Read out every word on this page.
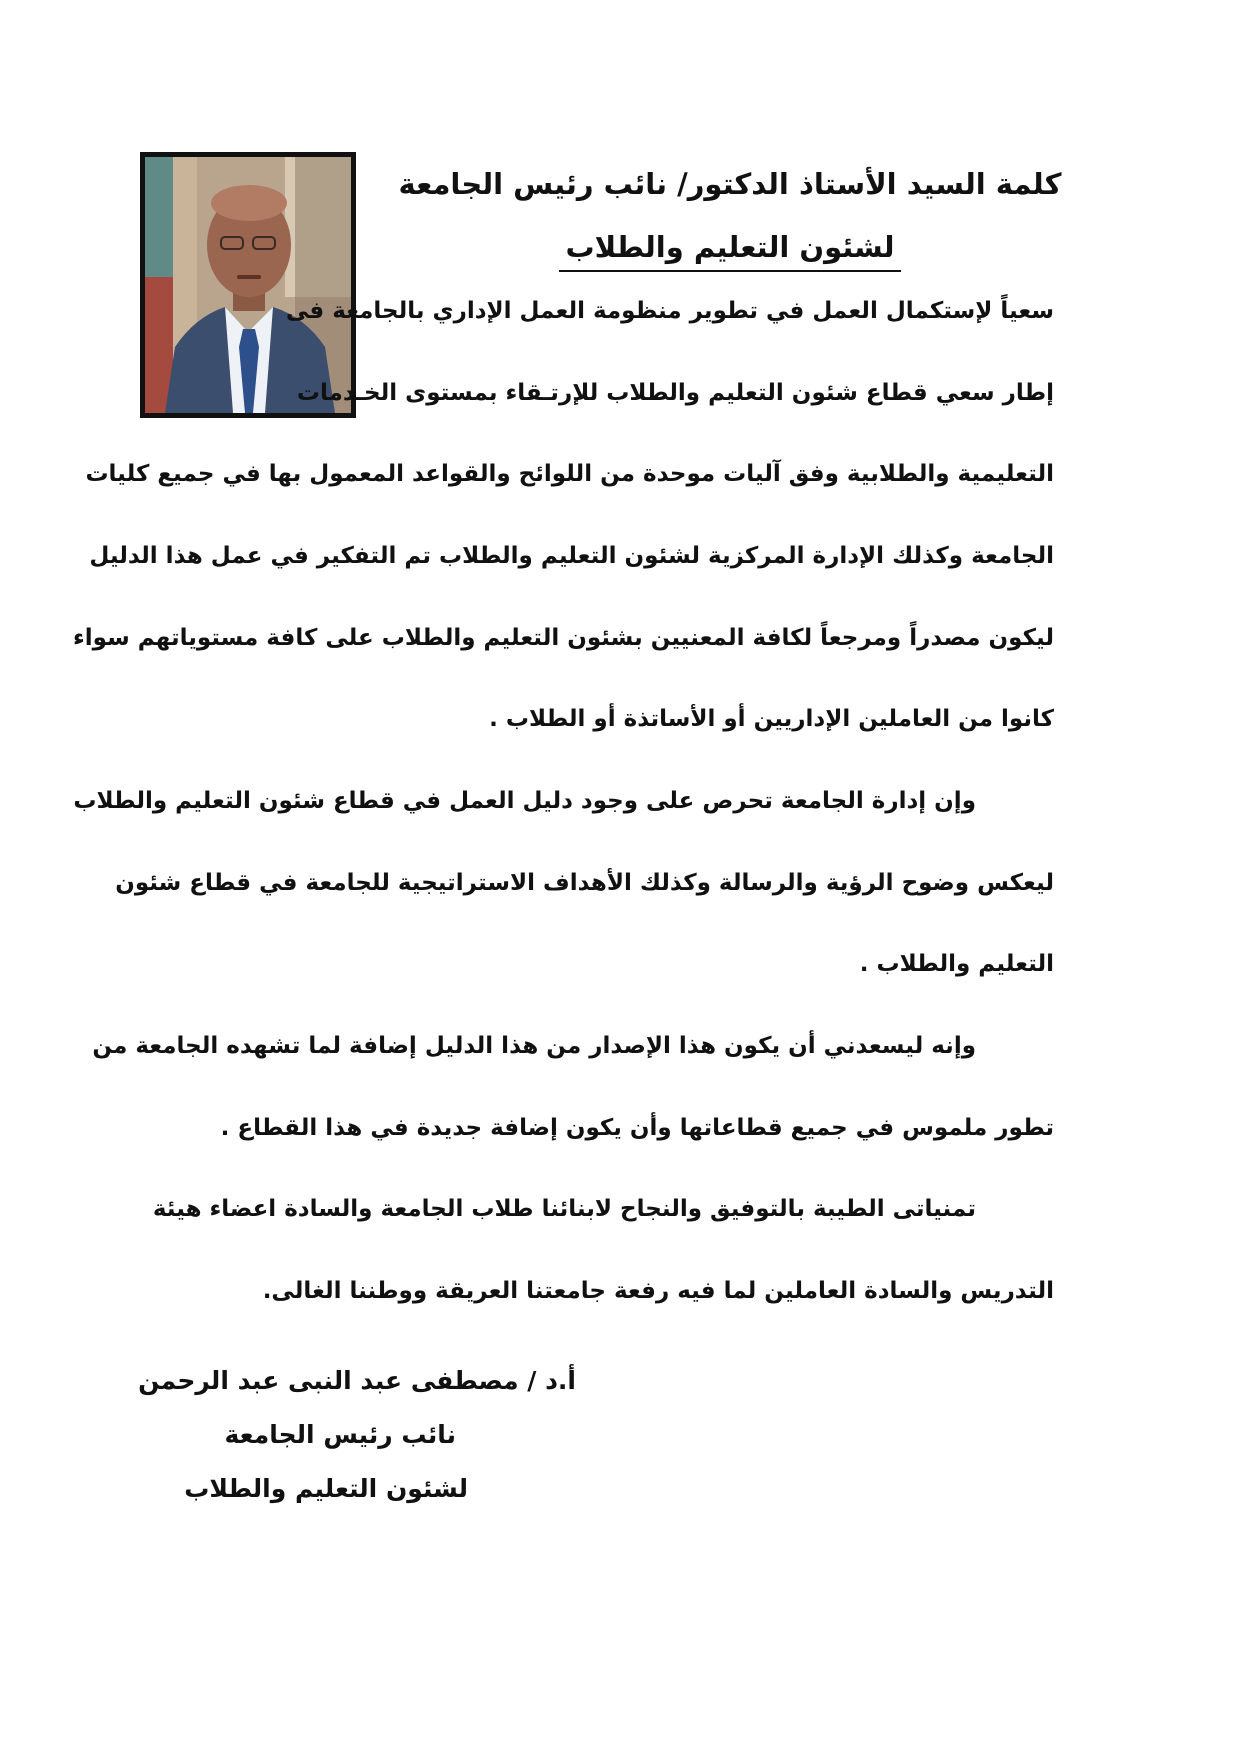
كلمة السيد الأستاذ الدكتور/ نائب رئيس الجامعة
لشئون التعليم والطلاب
سعياً لإستكمال العمل في تطوير منظومة العمل الإداري بالجامعة فى
إطار سعي قطاع شئون التعليم والطلاب للإرتـقاء بمستوى الخـدمات
التعليمية والطلابية وفق آليات موحدة من اللوائح والقواعد المعمول بها في جميع كليات
الجامعة وكذلك الإدارة المركزية لشئون التعليم والطلاب تم التفكير في عمل هذا الدليل
ليكون مصدراً ومرجعاً لكافة المعنيين بشئون التعليم والطلاب على كافة مستوياتهم سواء
كانوا من العاملين الإداريين أو الأساتذة أو الطلاب .
وإن إدارة الجامعة تحرص على وجود دليل العمل في قطاع شئون التعليم والطلاب
ليعكس وضوح الرؤية والرسالة وكذلك الأهداف الاستراتيجية للجامعة في قطاع شئون
التعليم والطلاب .
وإنه ليسعدني أن يكون هذا الإصدار من هذا الدليل إضافة لما تشهده الجامعة من
تطور ملموس في جميع قطاعاتها وأن يكون إضافة جديدة في هذا القطاع .
تمنياتى الطيبة بالتوفيق والنجاح لابنائنا طلاب الجامعة والسادة اعضاء هيئة
التدريس والسادة العاملين لما فيه رفعة جامعتنا العريقة ووطننا الغالى.
أ.د / مصطفى عبد النبى عبد الرحمن
نائب رئيس الجامعة
لشئون التعليم والطلاب
